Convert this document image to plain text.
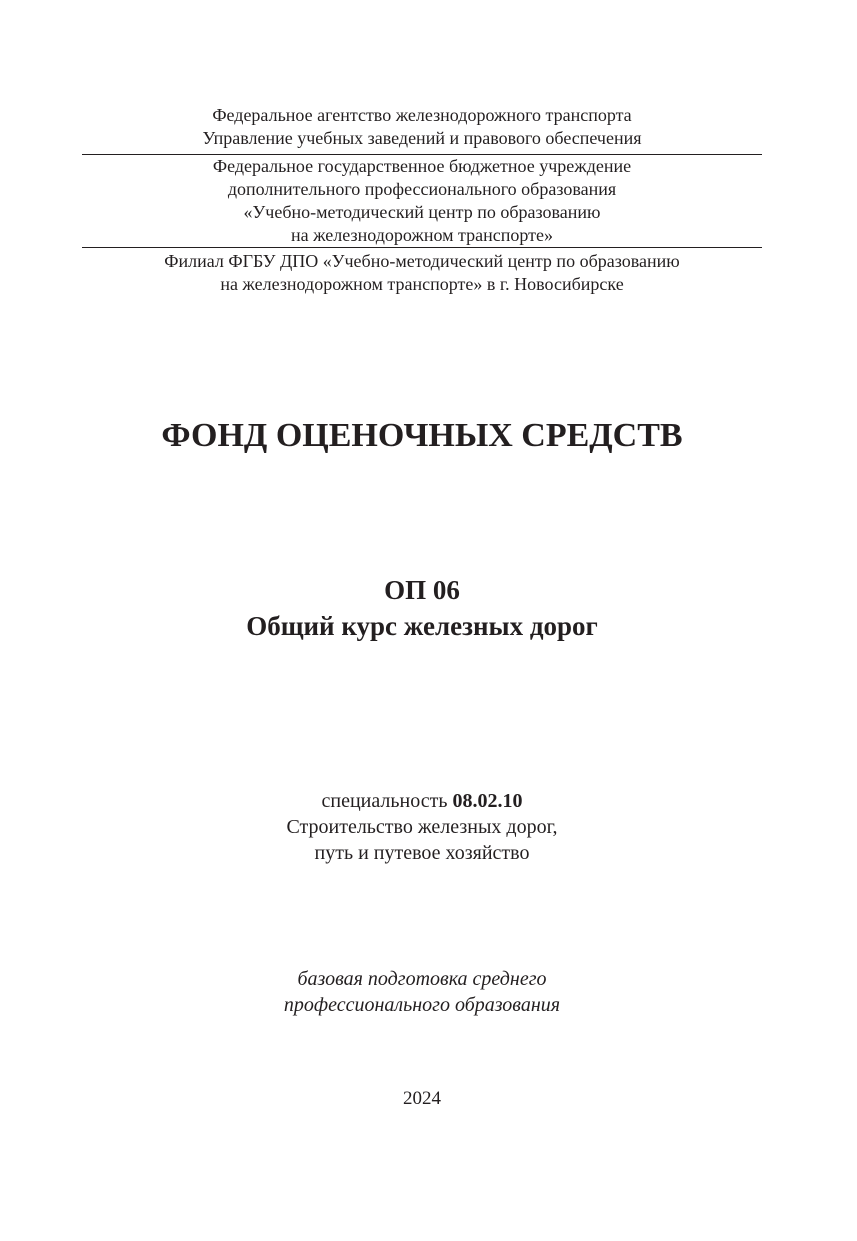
Федеральное агентство железнодорожного транспорта
Управление учебных заведений и правового обеспечения
Федеральное государственное бюджетное учреждение
дополнительного профессионального образования
«Учебно-методический центр по образованию
на железнодорожном транспорте»
Филиал ФГБУ ДПО «Учебно-методический центр по образованию
на железнодорожном транспорте» в г. Новосибирске
ФОНД ОЦЕНОЧНЫХ СРЕДСТВ
ОП 06
Общий курс железных дорог
специальность 08.02.10
Строительство железных дорог,
путь и путевое хозяйство
базовая подготовка среднего
профессионального образования
2024
